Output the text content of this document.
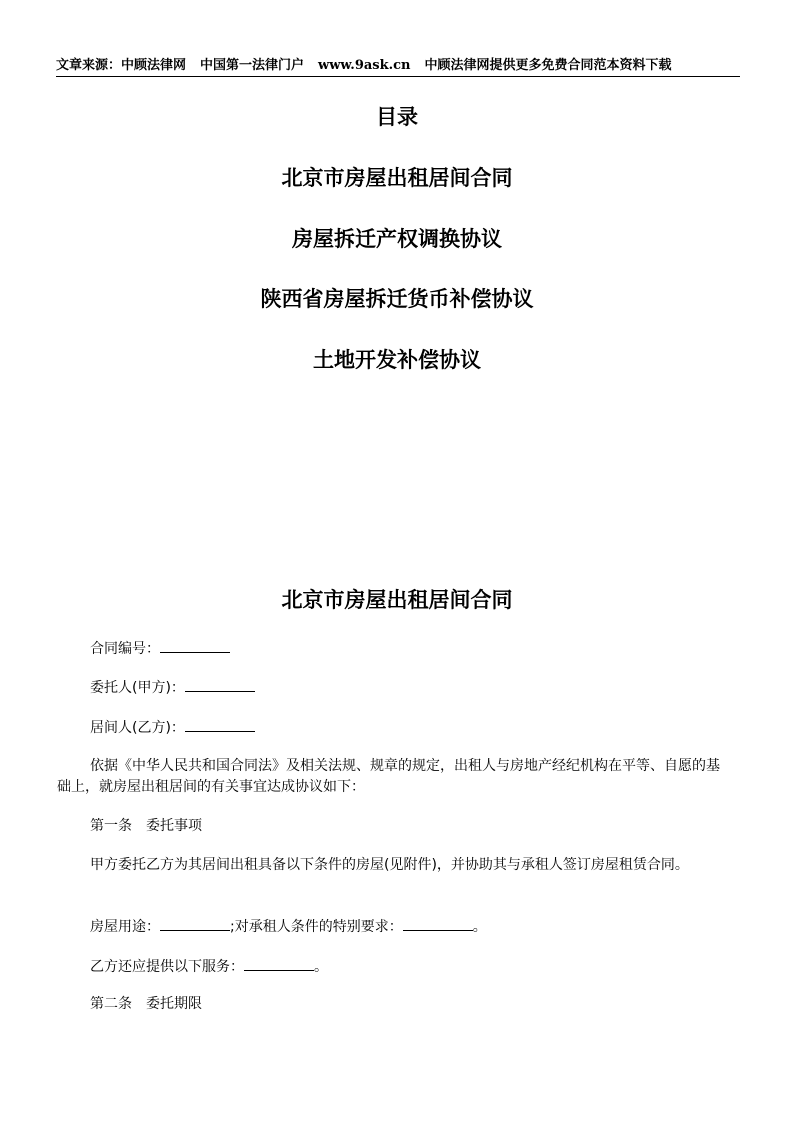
文章来源：中顾法律网 中国第一法律门户 www.9ask.cn 中顾法律网提供更多免费合同范本资料下载
目录
北京市房屋出租居间合同
房屋拆迁产权调换协议
陕西省房屋拆迁货币补偿协议
土地开发补偿协议
北京市房屋出租居间合同
合同编号：
委托人(甲方)：
居间人(乙方)：
依据《中华人民共和国合同法》及相关法规、规章的规定，出租人与房地产经纪机构在平等、自愿的基础上，就房屋出租居间的有关事宜达成协议如下：
第一条　委托事项
甲方委托乙方为其居间出租具备以下条件的房屋(见附件)，并协助其与承租人签订房屋租赁合同。
房屋用途：	;对承租人条件的特别要求：	。
乙方还应提供以下服务：	。
第二条　委托期限
